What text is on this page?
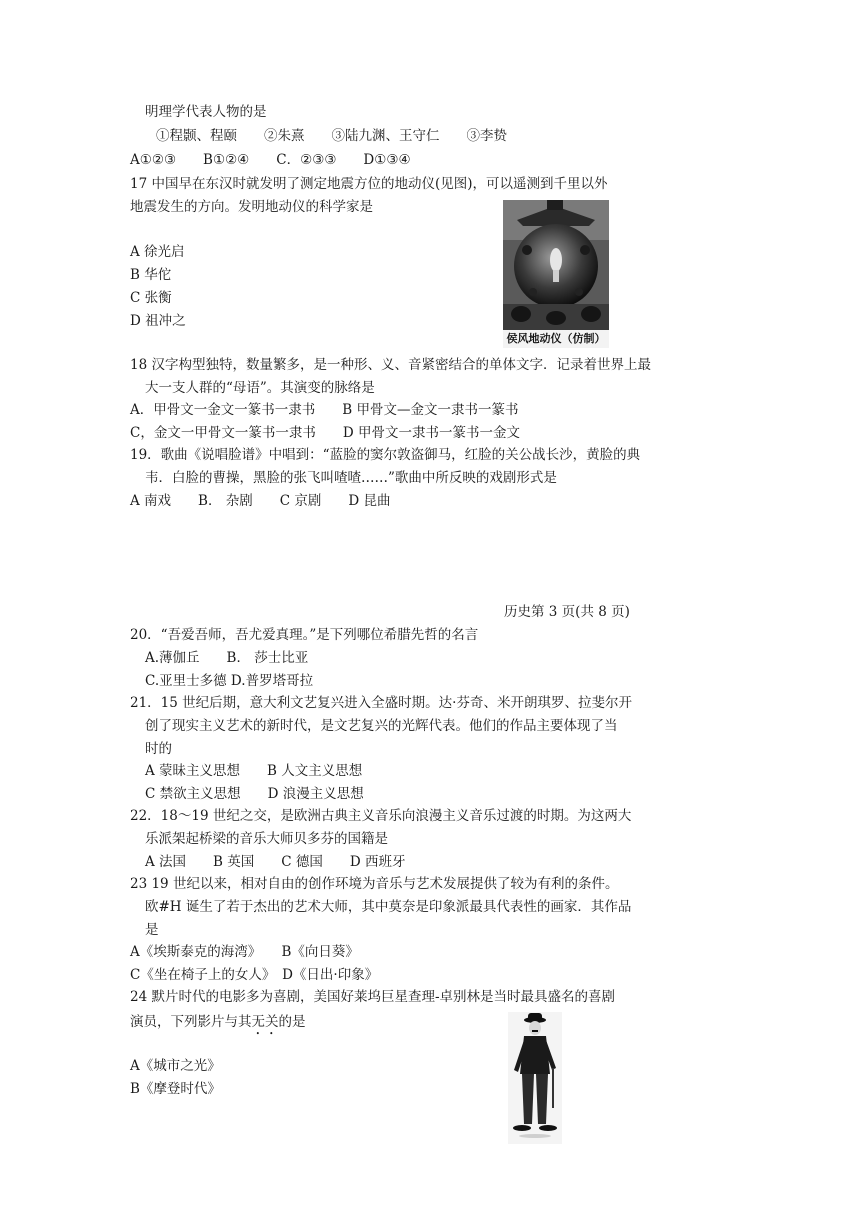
明理学代表人物的是
①程颢、程颐　　②朱熹　　③陆九渊、王守仁　　③李贽
A①②③　　B①②④　　C．②③③　　D①③④
17 中国早在东汉时就发明了测定地震方位的地动仪(见图)，可以遥测到千里以外
地震发生的方向。发明地动仪的科学家是
A 徐光启
B 华佗
C 张衡
D 祖冲之
侯风地动仪（仿制）
18 汉字构型独特，数量繁多，是一种形、义、音紧密结合的单体文字．记录着世界上最
大一支人群的“母语”。其演变的脉络是
A．甲骨文一金文一篆书一隶书　　B 甲骨文—金文一隶书一篆书
C，金文一甲骨文一篆书一隶书　　D 甲骨文一隶书一篆书一金文
19．歌曲《说唱脸谱》中唱到：“蓝脸的窦尔敦盗御马，红脸的关公战长沙，黄脸的典
韦．白脸的曹操，黑脸的张飞叫喳喳……”歌曲中所反映的戏剧形式是
A 南戏　　B． 杂剧　　C 京剧　　D 昆曲
历史第 3 页(共 8 页)
20．“吾爱吾师，吾尤爱真理。”是下列哪位希腊先哲的名言
A.薄伽丘　　B． 莎士比亚
C.亚里士多德 D.普罗塔哥拉
21．15 世纪后期，意大利文艺复兴进入全盛时期。达·芬奇、米开朗琪罗、拉斐尔开
创了现实主义艺术的新时代，是文艺复兴的光辉代表。他们的作品主要体现了当
时的
A 蒙昧主义思想　　B 人文主义思想
C 禁欲主义思想　　D 浪漫主义思想
22．18～19 世纪之交，是欧洲古典主义音乐向浪漫主义音乐过渡的时期。为这两大
乐派架起桥梁的音乐大师贝多芬的国籍是
A 法国　　B 英国　　C 德国　　D 西班牙
23 19 世纪以来，相对自由的创作环境为音乐与艺术发展提供了较为有利的条件。
欧#H 诞生了若于杰出的艺术大师，其中莫奈是印象派最具代表性的画家．其作品
是
A《埃斯泰克的海湾》　　B《向日葵》
C《坐在椅子上的女人》　D《日出·印象》
24 默片时代的电影多为喜剧，美国好莱坞巨星查理-卓别林是当时最具盛名的喜剧
演员，下列影片与其无关的是
A《城市之光》
B《摩登时代》
